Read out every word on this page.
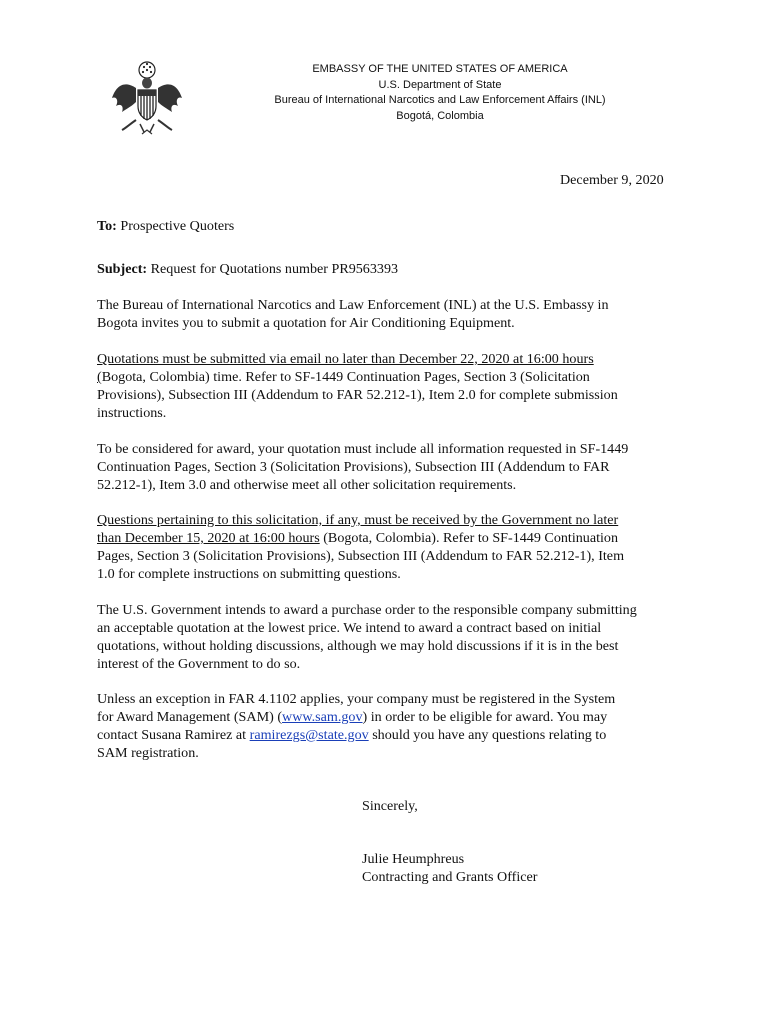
EMBASSY OF THE UNITED STATES OF AMERICA
U.S. Department of State
Bureau of International Narcotics and Law Enforcement Affairs (INL)
Bogotá, Colombia
December 9, 2020
To: Prospective Quoters
Subject: Request for Quotations number PR9563393
The Bureau of International Narcotics and Law Enforcement (INL) at the U.S. Embassy in
Bogota invites you to submit a quotation for Air Conditioning Equipment.
Quotations must be submitted via email no later than December 22, 2020 at 16:00 hours
(Bogota, Colombia) time. Refer to SF-1449 Continuation Pages, Section 3 (Solicitation
Provisions), Subsection III (Addendum to FAR 52.212-1), Item 2.0 for complete submission
instructions.
To be considered for award, your quotation must include all information requested in SF-1449
Continuation Pages, Section 3 (Solicitation Provisions), Subsection III (Addendum to FAR
52.212-1), Item 3.0 and otherwise meet all other solicitation requirements.
Questions pertaining to this solicitation, if any, must be received by the Government no later
than December 15, 2020 at 16:00 hours (Bogota, Colombia). Refer to SF-1449 Continuation
Pages, Section 3 (Solicitation Provisions), Subsection III (Addendum to FAR 52.212-1), Item
1.0 for complete instructions on submitting questions.
The U.S. Government intends to award a purchase order to the responsible company submitting
an acceptable quotation at the lowest price. We intend to award a contract based on initial
quotations, without holding discussions, although we may hold discussions if it is in the best
interest of the Government to do so.
Unless an exception in FAR 4.1102 applies, your company must be registered in the System
for Award Management (SAM) (www.sam.gov) in order to be eligible for award. You may
contact Susana Ramirez at ramirezgs@state.gov should you have any questions relating to
SAM registration.
Sincerely,
Julie Heumphreus
Contracting and Grants Officer
